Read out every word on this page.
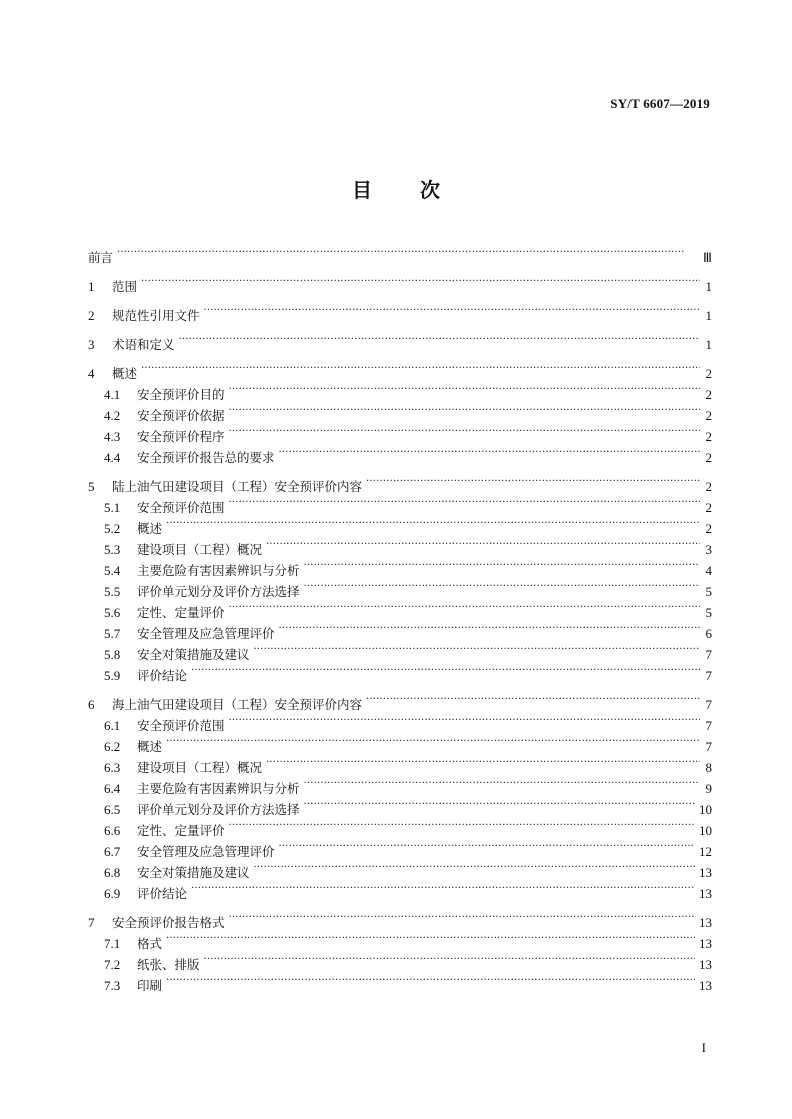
SY/T 6607—2019
目 次
前言 ·····	Ⅲ
1	范围 ·····	1
2	规范性引用文件 ·····	1
3	术语和定义 ·····	1
4	概述 ·····	2
4.1	安全预评价目的 ·····	2
4.2	安全预评价依据 ·····	2
4.3	安全预评价程序 ·····	2
4.4	安全预评价报告总的要求 ·····	2
5	陆上油气田建设项目（工程）安全预评价内容 ·····	2
5.1	安全预评价范围 ·····	2
5.2	概述 ·····	2
5.3	建设项目（工程）概况 ·····	3
5.4	主要危险有害因素辨识与分析 ·····	4
5.5	评价单元划分及评价方法选择 ·····	5
5.6	定性、定量评价 ·····	5
5.7	安全管理及应急管理评价 ·····	6
5.8	安全对策措施及建议 ·····	7
5.9	评价结论 ·····	7
6	海上油气田建设项目（工程）安全预评价内容 ·····	7
6.1	安全预评价范围 ·····	7
6.2	概述 ·····	7
6.3	建设项目（工程）概况 ·····	8
6.4	主要危险有害因素辨识与分析 ·····	9
6.5	评价单元划分及评价方法选择 ·····	10
6.6	定性、定量评价 ·····	10
6.7	安全管理及应急管理评价 ·····	12
6.8	安全对策措施及建议 ·····	13
6.9	评价结论 ·····	13
7	安全预评价报告格式 ·····	13
7.1	格式 ·····	13
7.2	纸张、排版 ·····	13
7.3	印刷 ·····	13
I
